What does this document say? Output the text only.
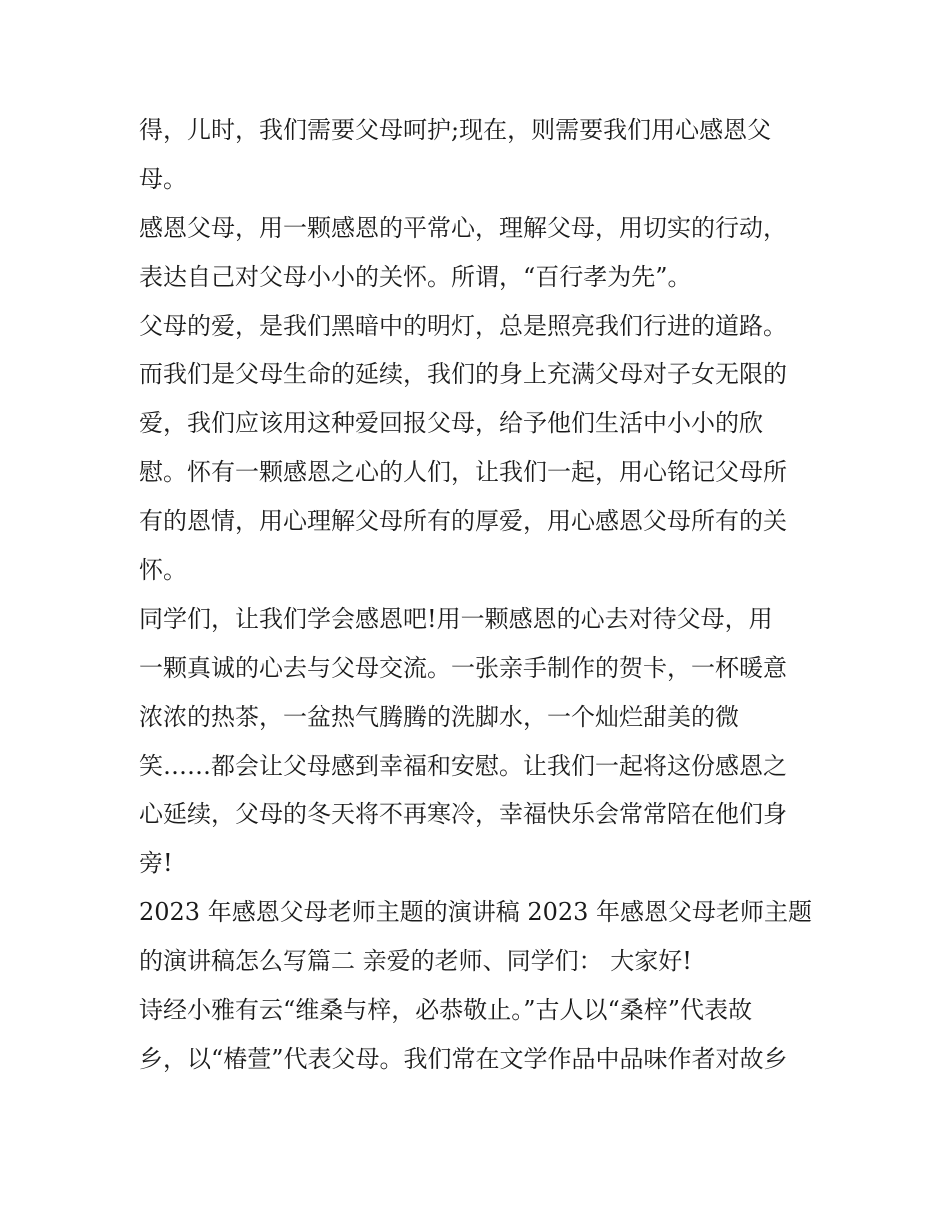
得，儿时，我们需要父母呵护;现在，则需要我们用心感恩父
母。
感恩父母，用一颗感恩的平常心，理解父母，用切实的行动，
表达自己对父母小小的关怀。所谓，“百行孝为先”。
父母的爱，是我们黑暗中的明灯，总是照亮我们行进的道路。
而我们是父母生命的延续，我们的身上充满父母对子女无限的
爱，我们应该用这种爱回报父母，给予他们生活中小小的欣
慰。怀有一颗感恩之心的人们，让我们一起，用心铭记父母所
有的恩情，用心理解父母所有的厚爱，用心感恩父母所有的关
怀。
同学们，让我们学会感恩吧!用一颗感恩的心去对待父母，用
一颗真诚的心去与父母交流。一张亲手制作的贺卡，一杯暖意
浓浓的热茶，一盆热气腾腾的洗脚水，一个灿烂甜美的微
笑……都会让父母感到幸福和安慰。让我们一起将这份感恩之
心延续，父母的冬天将不再寒冷，幸福快乐会常常陪在他们身
旁!
2023 年感恩父母老师主题的演讲稿 2023 年感恩父母老师主题
的演讲稿怎么写篇二 亲爱的老师、同学们： 大家好!
诗经小雅有云“维桑与梓，必恭敬止。”古人以“桑梓”代表故
乡，以“椿萱”代表父母。我们常在文学作品中品味作者对故乡
